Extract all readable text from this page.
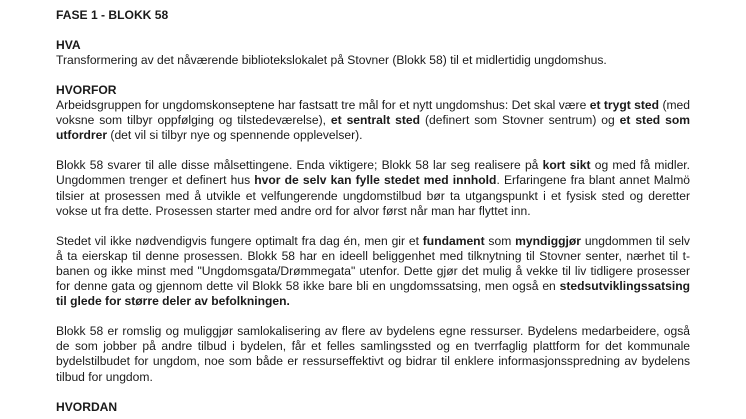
FASE 1 - BLOKK 58
HVA

Transformering av det nåværende bibliotekslokalet på Stovner (Blokk 58) til et midlertidig ungdomshus.

HVORFOR

Arbeidsgruppen for ungdomskonseptene har fastsatt tre mål for et nytt ungdomshus: Det skal være et trygt sted (med voksne som tilbyr oppfølging og tilstedeværelse), et sentralt sted (definert som Stovner sentrum) og et sted som utfordrer (det vil si tilbyr nye og spennende opplevelser).

Blokk 58 svarer til alle disse målsettingene. Enda viktigere; Blokk 58 lar seg realisere på kort sikt og med få midler. Ungdommen trenger et definert hus hvor de selv kan fylle stedet med innhold. Erfaringene fra blant annet Malmö tilsier at prosessen med å utvikle et velfungerende ungdomstilbud bør ta utgangspunkt i et fysisk sted og deretter vokse ut fra dette. Prosessen starter med andre ord for alvor først når man har flyttet inn.

Stedet vil ikke nødvendigvis fungere optimalt fra dag én, men gir et fundament som myndiggjør ungdommen til selv å ta eierskap til denne prosessen. Blokk 58 har en ideell beliggenhet med tilknytning til Stovner senter, nærhet til t-banen og ikke minst med "Ungdomsgata/Drømmegata" utenfor. Dette gjør det mulig å vekke til liv tidligere prosesser for denne gata og gjennom dette vil Blokk 58 ikke bare bli en ungdomssatsing, men også en stedsutviklingssatsing til glede for større deler av befolkningen.

Blokk 58 er romslig og muliggjør samlokalisering av flere av bydelens egne ressurser. Bydelens medarbeidere, også de som jobber på andre tilbud i bydelen, får et felles samlingssted og en tverrfaglig plattform for det kommunale bydelstilbudet for ungdom, noe som både er ressurseffektivt og bidrar til enklere informasjonsspredning av bydelens tilbud for ungdom.

HVORDAN
